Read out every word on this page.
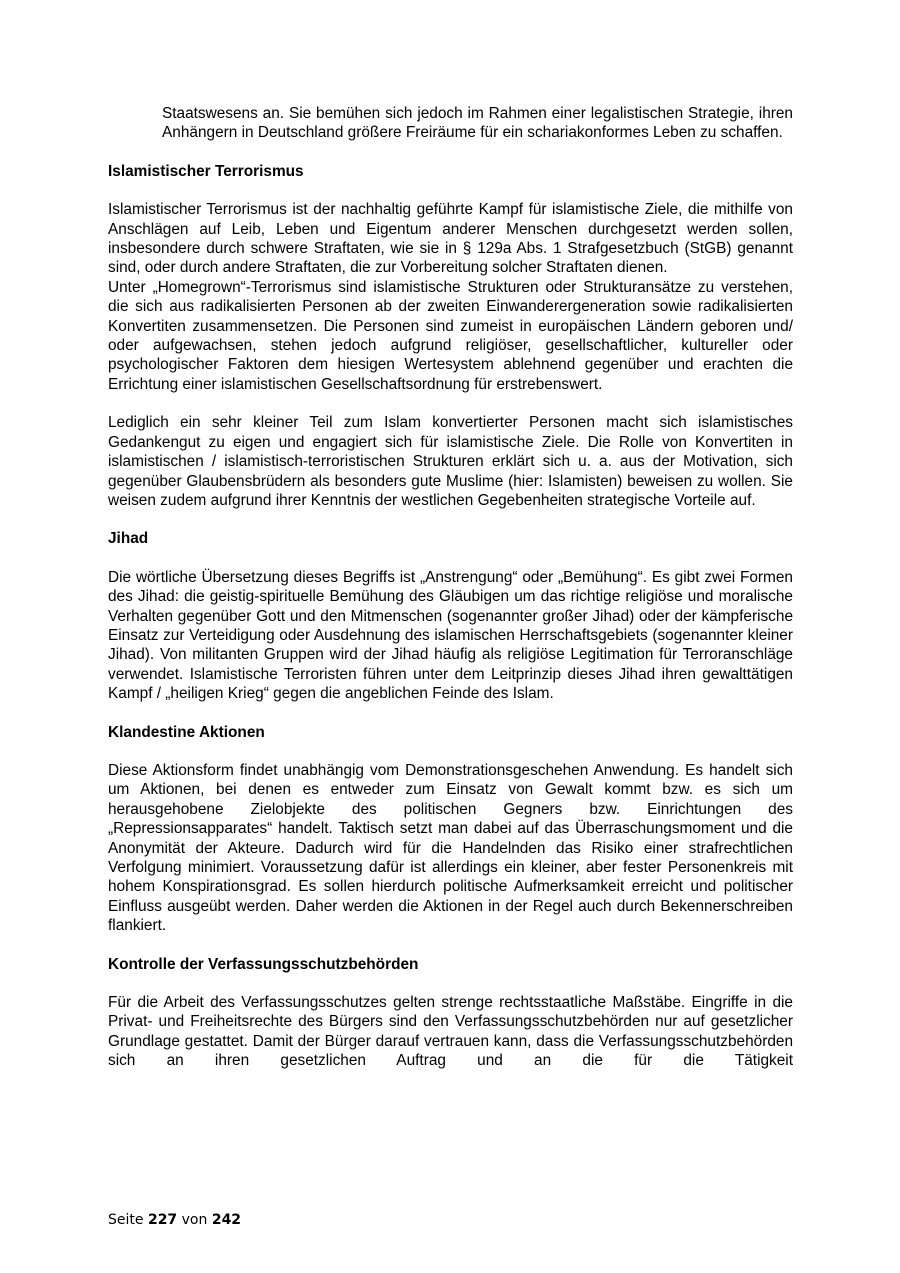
Staatswesens an. Sie bemühen sich jedoch im Rahmen einer legalistischen Strategie, ihren Anhängern in Deutschland größere Freiräume für ein schariakonformes Leben zu schaffen.

Islamistischer Terrorismus

Islamistischer Terrorismus ist der nachhaltig geführte Kampf für islamistische Ziele, die mithilfe von Anschlägen auf Leib, Leben und Eigentum anderer Menschen durchgesetzt werden sollen, insbesondere durch schwere Straftaten, wie sie in § 129a Abs. 1 Strafgesetzbuch (StGB) genannt sind, oder durch andere Straftaten, die zur Vorbereitung solcher Straftaten dienen.

Unter „Homegrown“-Terrorismus sind islamistische Strukturen oder Strukturansätze zu verstehen, die sich aus radikalisierten Personen ab der zweiten Einwanderergeneration sowie radikalisierten Konvertiten zusammensetzen. Die Personen sind zumeist in europäischen Ländern geboren und/ oder aufgewachsen, stehen jedoch aufgrund religiöser, gesellschaftlicher, kultureller oder psychologischer Faktoren dem hiesigen Wertesystem ablehnend gegenüber und erachten die Errichtung einer islamistischen Gesellschaftsordnung für erstrebenswert.

Lediglich ein sehr kleiner Teil zum Islam konvertierter Personen macht sich islamistisches Gedankengut zu eigen und engagiert sich für islamistische Ziele. Die Rolle von Konvertiten in islamistischen / islamistisch-terroristischen Strukturen erklärt sich u. a. aus der Motivation, sich gegenüber Glaubensbrüdern als besonders gute Muslime (hier: Islamisten) beweisen zu wollen. Sie weisen zudem aufgrund ihrer Kenntnis der westlichen Gegebenheiten strategische Vorteile auf.

Jihad

Die wörtliche Übersetzung dieses Begriffs ist „Anstrengung“ oder „Bemühung“. Es gibt zwei Formen des Jihad: die geistig-spirituelle Bemühung des Gläubigen um das richtige religiöse und moralische Verhalten gegenüber Gott und den Mitmenschen (sogenannter großer Jihad) oder der kämpferische Einsatz zur Verteidigung oder Ausdehnung des islamischen Herrschaftsgebiets (sogenannter kleiner Jihad). Von militanten Gruppen wird der Jihad häufig als religiöse Legitimation für Terroranschläge verwendet. Islamistische Terroristen führen unter dem Leitprinzip dieses Jihad ihren gewalttätigen Kampf / „heiligen Krieg“ gegen die angeblichen Feinde des Islam.

Klandestine Aktionen

Diese Aktionsform findet unabhängig vom Demonstrationsgeschehen Anwendung. Es handelt sich um Aktionen, bei denen es entweder zum Einsatz von Gewalt kommt bzw. es sich um herausgehobene Zielobjekte des politischen Gegners bzw. Einrichtungen des „Repressionsapparates“ handelt. Taktisch setzt man dabei auf das Überraschungsmoment und die Anonymität der Akteure. Dadurch wird für die Handelnden das Risiko einer strafrechtlichen Verfolgung minimiert. Voraussetzung dafür ist allerdings ein kleiner, aber fester Personenkreis mit hohem Konspirationsgrad. Es sollen hierdurch politische Aufmerksamkeit erreicht und politischer Einfluss ausgeübt werden. Daher werden die Aktionen in der Regel auch durch Bekennerschreiben flankiert.

Kontrolle der Verfassungsschutzbehörden

Für die Arbeit des Verfassungsschutzes gelten strenge rechtsstaatliche Maßstäbe. Eingriffe in die Privat- und Freiheitsrechte des Bürgers sind den Verfassungsschutzbehörden nur auf gesetzlicher Grundlage gestattet. Damit der Bürger darauf vertrauen kann, dass die Verfassungsschutzbehörden sich an ihren gesetzlichen Auftrag und an die für die Tätigkeit

Seite 227 von 242
